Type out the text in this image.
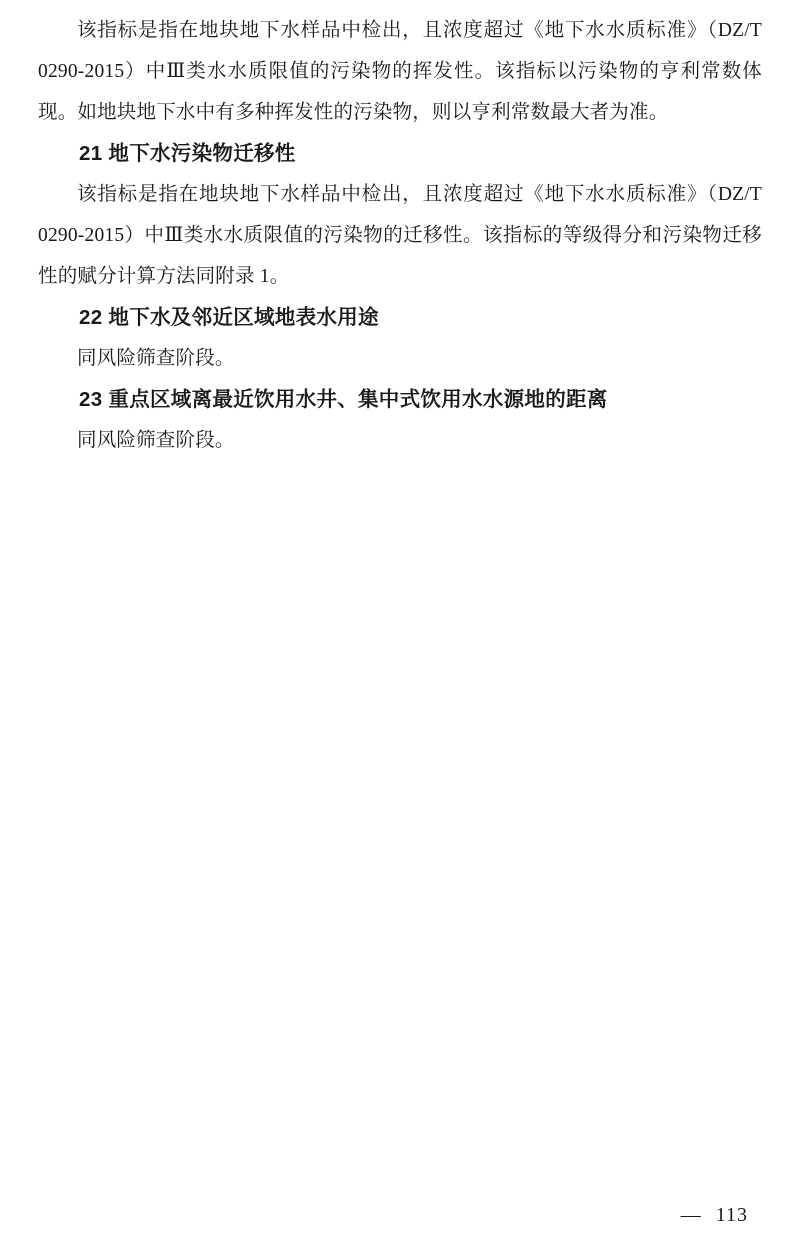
该指标是指在地块地下水样品中检出，且浓度超过《地下水水质标准》（DZ/T 0290-2015）中Ⅲ类水水质限值的污染物的挥发性。该指标以污染物的亨利常数体现。如地块地下水中有多种挥发性的污染物，则以亨利常数最大者为准。

21 地下水污染物迁移性

该指标是指在地块地下水样品中检出，且浓度超过《地下水水质标准》（DZ/T 0290-2015）中Ⅲ类水水质限值的污染物的迁移性。该指标的等级得分和污染物迁移性的赋分计算方法同附录 1。

22 地下水及邻近区域地表水用途

同风险筛查阶段。

23 重点区域离最近饮用水井、集中式饮用水水源地的距离

同风险筛查阶段。

— 113
